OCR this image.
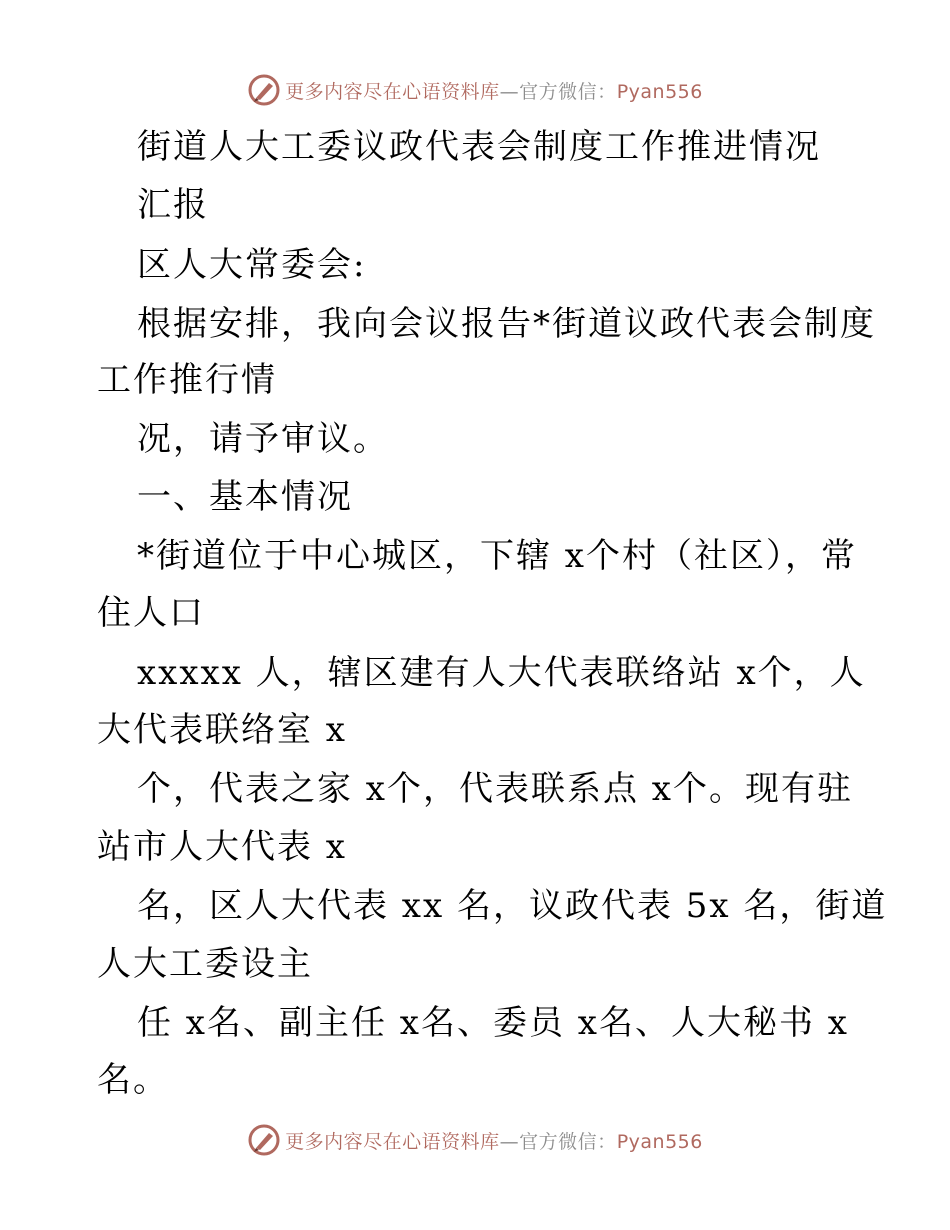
更多内容尽在心语资料库—官方微信：Pyan556
街道人大工委议政代表会制度工作推进情况
汇报
区人大常委会:
根据安排，我向会议报告*街道议政代表会制度
工作推行情
况，请予审议。
一、基本情况
*街道位于中心城区，下辖 x个村（社区），常
住人口
xxxxx 人，辖区建有人大代表联络站 x个，人
大代表联络室 x
个，代表之家 x个，代表联系点 x个。现有驻
站市人大代表 x
名，区人大代表 xx 名，议政代表 5x 名，街道
人大工委设主
任 x名、副主任 x名、委员 x名、人大秘书 x
名。
更多内容尽在心语资料库—官方微信：Pyan556
